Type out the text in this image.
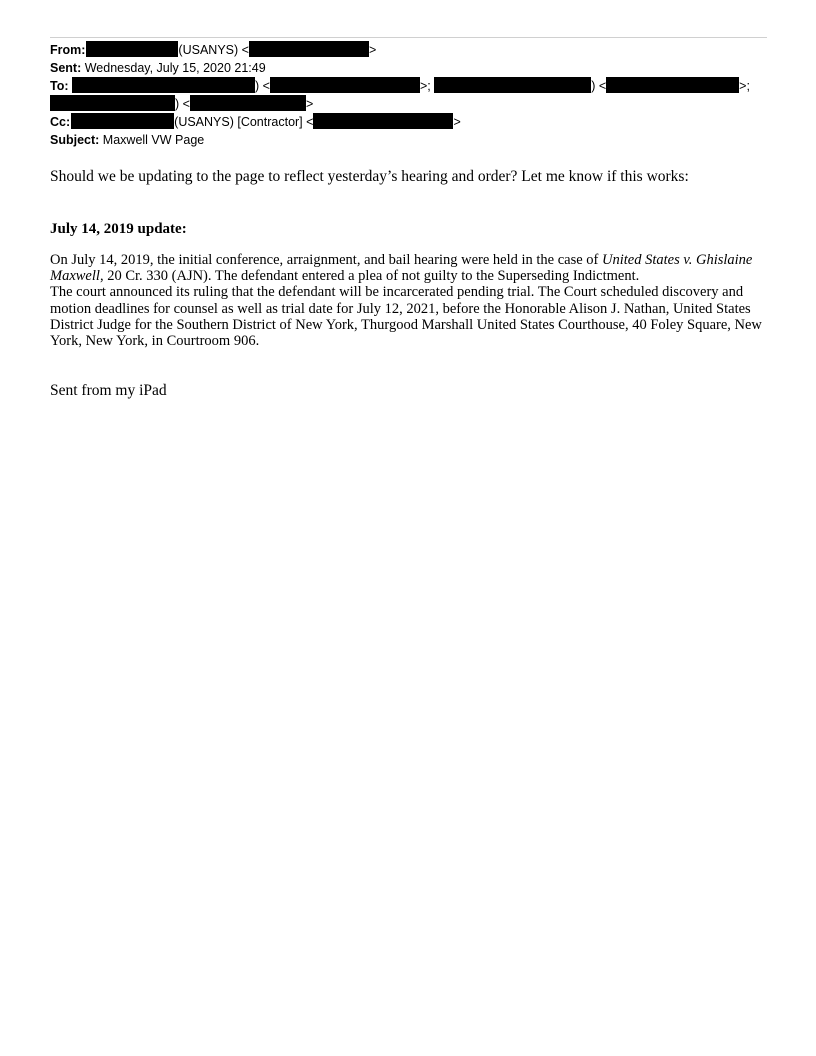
From:	(USANYS) <	>
Sent: Wednesday, July 15, 2020 21:49
To:	) <	>;	) <	>;
) <	>
Cc:	(USANYS) [Contractor] <	>
Subject: Maxwell VW Page
Should we be updating to the page to reflect yesterday’s hearing and order? Let me know if this works:
July 14, 2019 update:
On July 14, 2019, the initial conference, arraignment, and bail hearing were held in the case of United States v. Ghislaine Maxwell, 20 Cr. 330 (AJN). The defendant entered a plea of not guilty to the Superseding Indictment.
The court announced its ruling that the defendant will be incarcerated pending trial. The Court scheduled discovery and motion deadlines for counsel as well as trial date for July 12, 2021, before the Honorable Alison J. Nathan, United States District Judge for the Southern District of New York, Thurgood Marshall United States Courthouse, 40 Foley Square, New York, New York, in Courtroom 906.
Sent from my iPad
